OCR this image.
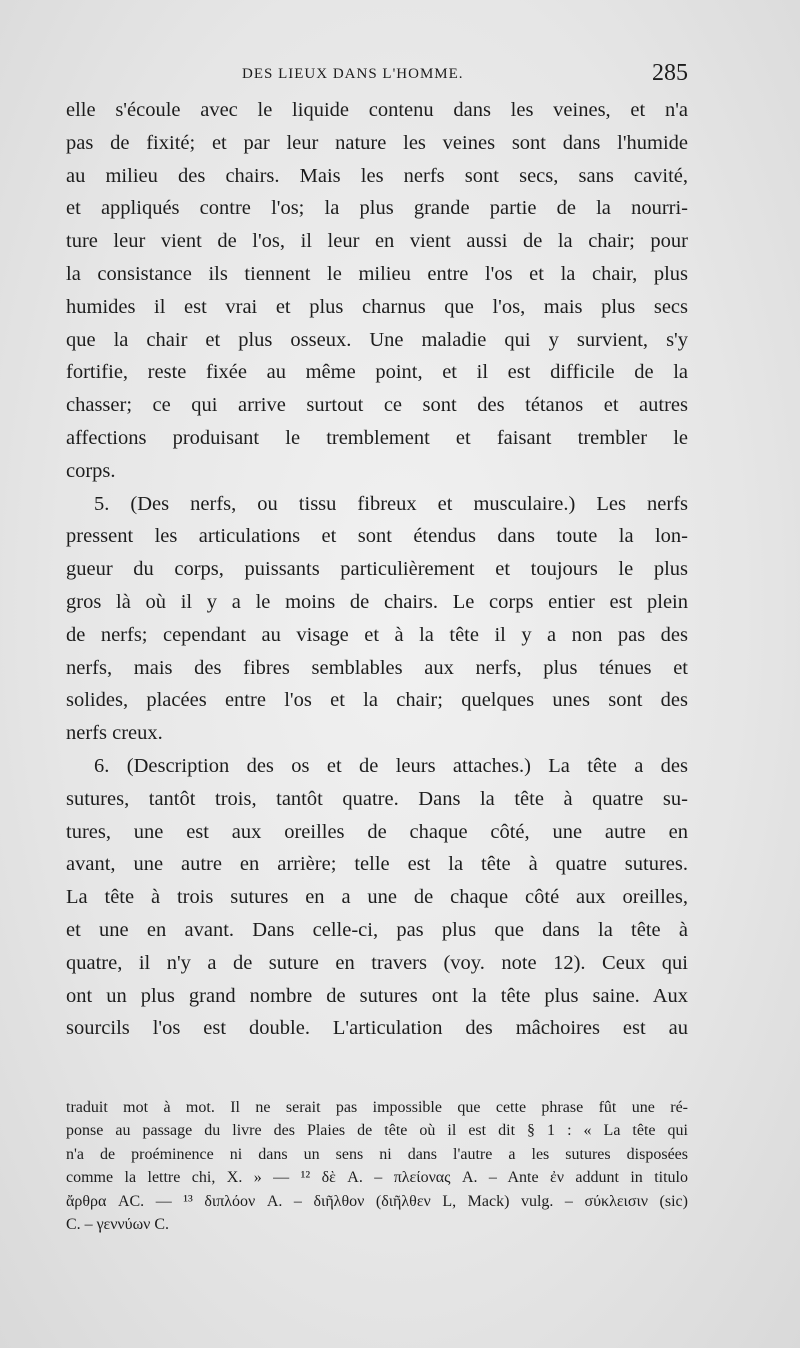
DES LIEUX DANS L'HOMME.	285
elle s'écoule avec le liquide contenu dans les veines, et n'a
pas de fixité; et par leur nature les veines sont dans l'humide
au milieu des chairs. Mais les nerfs sont secs, sans cavité,
et appliqués contre l'os; la plus grande partie de la nourri-
ture leur vient de l'os, il leur en vient aussi de la chair; pour
la consistance ils tiennent le milieu entre l'os et la chair, plus
humides il est vrai et plus charnus que l'os, mais plus secs
que la chair et plus osseux. Une maladie qui y survient, s'y
fortifie, reste fixée au même point, et il est difficile de la
chasser; ce qui arrive surtout ce sont des tétanos et autres
affections produisant le tremblement et faisant trembler le
corps.
5. (Des nerfs, ou tissu fibreux et musculaire.) Les nerfs
pressent les articulations et sont étendus dans toute la lon-
gueur du corps, puissants particulièrement et toujours le plus
gros là où il y a le moins de chairs. Le corps entier est plein
de nerfs; cependant au visage et à la tête il y a non pas des
nerfs, mais des fibres semblables aux nerfs, plus ténues et
solides, placées entre l'os et la chair; quelques unes sont des
nerfs creux.
6. (Description des os et de leurs attaches.) La tête a des
sutures, tantôt trois, tantôt quatre. Dans la tête à quatre su-
tures, une est aux oreilles de chaque côté, une autre en
avant, une autre en arrière; telle est la tête à quatre sutures.
La tête à trois sutures en a une de chaque côté aux oreilles,
et une en avant. Dans celle-ci, pas plus que dans la tête à
quatre, il n'y a de suture en travers (voy. note 12). Ceux qui
ont un plus grand nombre de sutures ont la tête plus saine. Aux
sourcils l'os est double. L'articulation des mâchoires est au
traduit mot à mot. Il ne serait pas impossible que cette phrase fût une ré-
ponse au passage du livre des Plaies de tête où il est dit § 1 : « La tête qui
n'a de proéminence ni dans un sens ni dans l'autre a les sutures disposées
comme la lettre chi, X. » — ¹² δὲ A. – πλείονας A. – Ante ἐν addunt in titulo
ἄρθρα AC. — ¹³ διπλόον A. – διῆλθον (διῆλθεν L, Mack) vulg. – σύκλεισιν (sic)
C. – γεννύων C.
